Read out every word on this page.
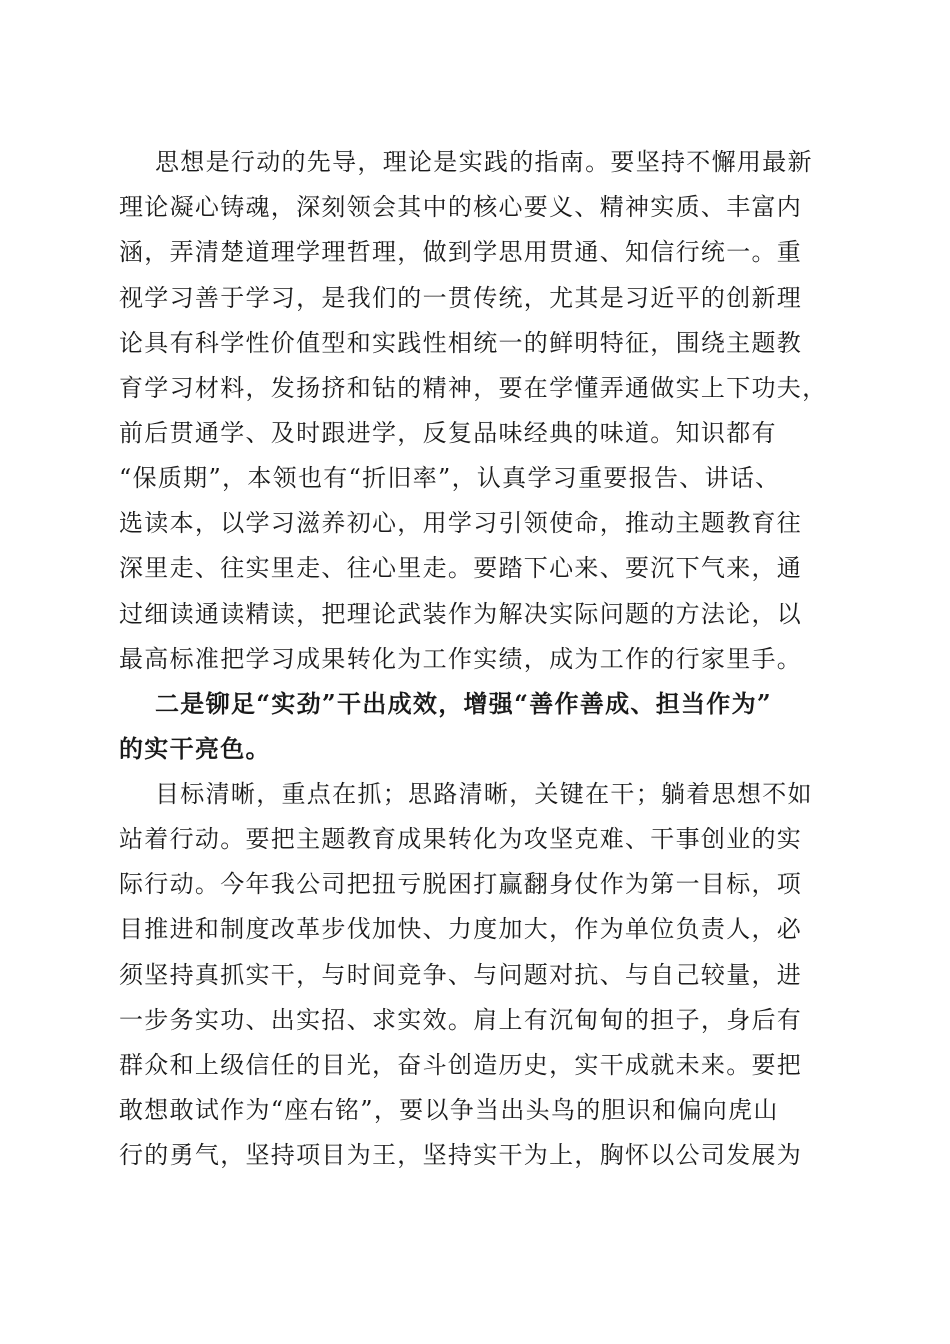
思想是行动的先导，理论是实践的指南。要坚持不懈用最新
理论凝心铸魂，深刻领会其中的核心要义、精神实质、丰富内
涵，弄清楚道理学理哲理，做到学思用贯通、知信行统一。重
视学习善于学习，是我们的一贯传统，尤其是习近平的创新理
论具有科学性价值型和实践性相统一的鲜明特征，围绕主题教
育学习材料，发扬挤和钻的精神，要在学懂弄通做实上下功夫，
前后贯通学、及时跟进学，反复品味经典的味道。知识都有
“保质期”，本领也有“折旧率”，认真学习重要报告、讲话、
选读本，以学习滋养初心，用学习引领使命，推动主题教育往
深里走、往实里走、往心里走。要踏下心来、要沉下气来，通
过细读通读精读，把理论武装作为解决实际问题的方法论，以
最高标准把学习成果转化为工作实绩，成为工作的行家里手。
二是铆足“实劲”干出成效，增强“善作善成、担当作为”
的实干亮色。
目标清晰，重点在抓；思路清晰，关键在干；躺着思想不如
站着行动。要把主题教育成果转化为攻坚克难、干事创业的实
际行动。今年我公司把扭亏脱困打赢翻身仗作为第一目标，项
目推进和制度改革步伐加快、力度加大，作为单位负责人，必
须坚持真抓实干，与时间竞争、与问题对抗、与自己较量，进
一步务实功、出实招、求实效。肩上有沉甸甸的担子，身后有
群众和上级信任的目光，奋斗创造历史，实干成就未来。要把
敢想敢试作为“座右铭”，要以争当出头鸟的胆识和偏向虎山
行的勇气，坚持项目为王，坚持实干为上，胸怀以公司发展为
